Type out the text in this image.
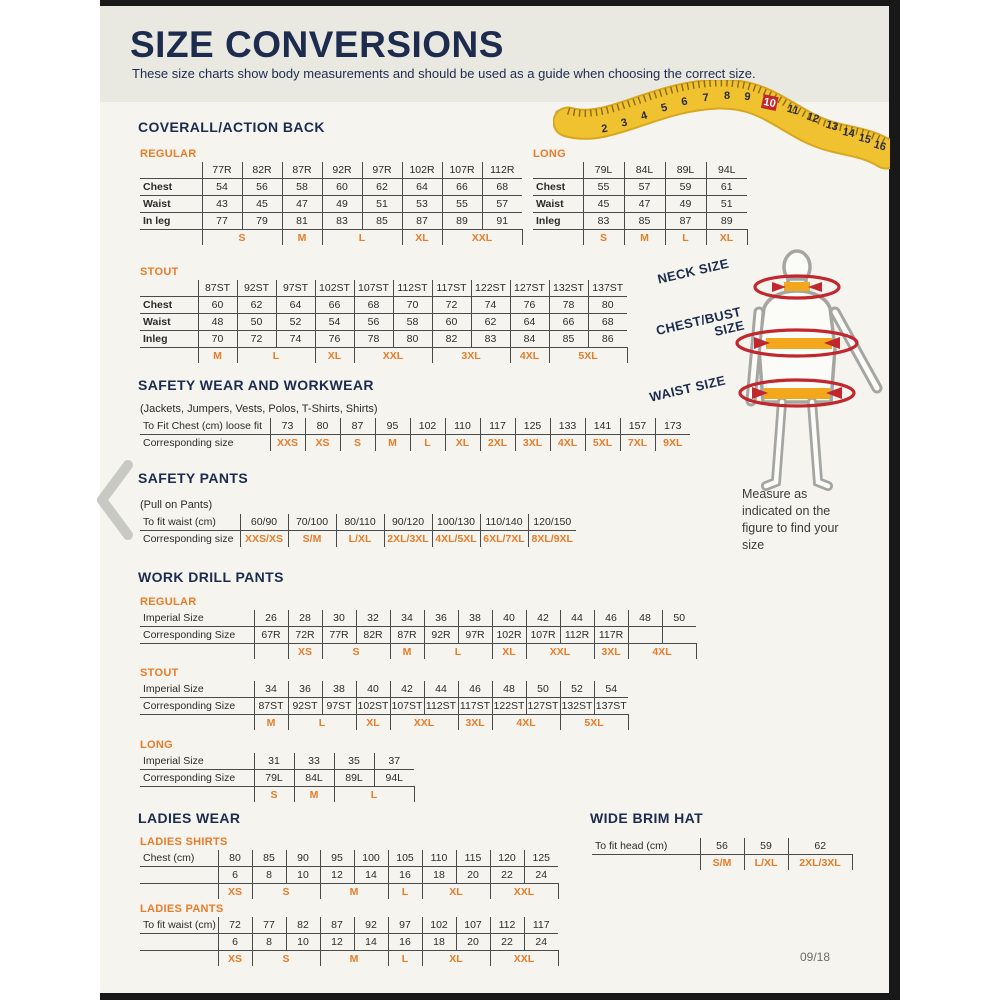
SIZE CONVERSIONS
These size charts show body measurements and should be used as a guide when choosing the correct size.
2 3
4
5 6 7 8 9 10 11
12
13 14 15 16
COVERALL/ACTION BACK
REGULAR
	77R	82R	87R	92R	97R	102R	107R	112R
Chest	54	56	58	60	62	64	66	68
Waist	43	45	47	49	51	53	55	57
In leg	77	79	81	83	85	87	89	91
	S		M	L		XL	XXL	
LONG
	79L	84L	89L	94L
Chest	55	57	59	61
Waist	45	47	49	51
Inleg	83	85	87	89
	S	M	L	XL
STOUT
	87ST	92ST	97ST	102ST	107ST	112ST	117ST	122ST	127ST	132ST	137ST
Chest	60	62	64	66	68	70	72	74	76	78	80
Waist	48	50	52	54	56	58	60	62	64	66	68
Inleg	70	72	74	76	78	80	82	83	84	85	86
	M	L		XL	XXL		3XL		4XL	5XL	
SAFETY WEAR AND WORKWEAR
(Jackets, Jumpers, Vests, Polos, T-Shirts, Shirts)
To Fit Chest (cm) loose fit	73	80	87	95	102	110	117	125	133	141	157	173
Corresponding size	XXS	XS	S	M	L	XL	2XL	3XL	4XL	5XL	7XL	9XL
SAFETY PANTS
(Pull on Pants)
To fit waist (cm)	60/90	70/100	80/110	90/120	100/130	110/140	120/150
Corresponding size	XXS/XS	S/M	L/XL	2XL/3XL	4XL/5XL	6XL/7XL	8XL/9XL
WORK DRILL PANTS
REGULAR
Imperial Size	26	28	30	32	34	36	38	40	42	44	46	48	50
Corresponding Size	67R	72R	77R	82R	87R	92R	97R	102R	107R	112R	117R		
		XS	S		M	L		XL	XXL		3XL	4XL	
STOUT
Imperial Size	34	36	38	40	42	44	46	48	50	52	54
Corresponding Size	87ST	92ST	97ST	102ST	107ST	112ST	117ST	122ST	127ST	132ST	137ST
	M	L		XL	XXL		3XL	4XL		5XL	
LONG
Imperial Size	31	33	35	37
Corresponding Size	79L	84L	89L	94L
	S	M	L	
LADIES WEAR
LADIES SHIRTS
Chest (cm)	80	85	90	95	100	105	110	115	120	125
	6	8	10	12	14	16	18	20	22	24
	XS	S		M		L	XL		XXL	
LADIES PANTS
To fit waist (cm)	72	77	82	87	92	97	102	107	112	117
	6	8	10	12	14	16	18	20	22	24
	XS	S		M		L	XL		XXL	
WIDE BRIM HAT
To fit head (cm)	56	59	62
	S/M	L/XL	2XL/3XL
NECK SIZE
CHEST/BUST SIZE
WAIST SIZE
Measure as indicated on the figure to find your size
09/18
